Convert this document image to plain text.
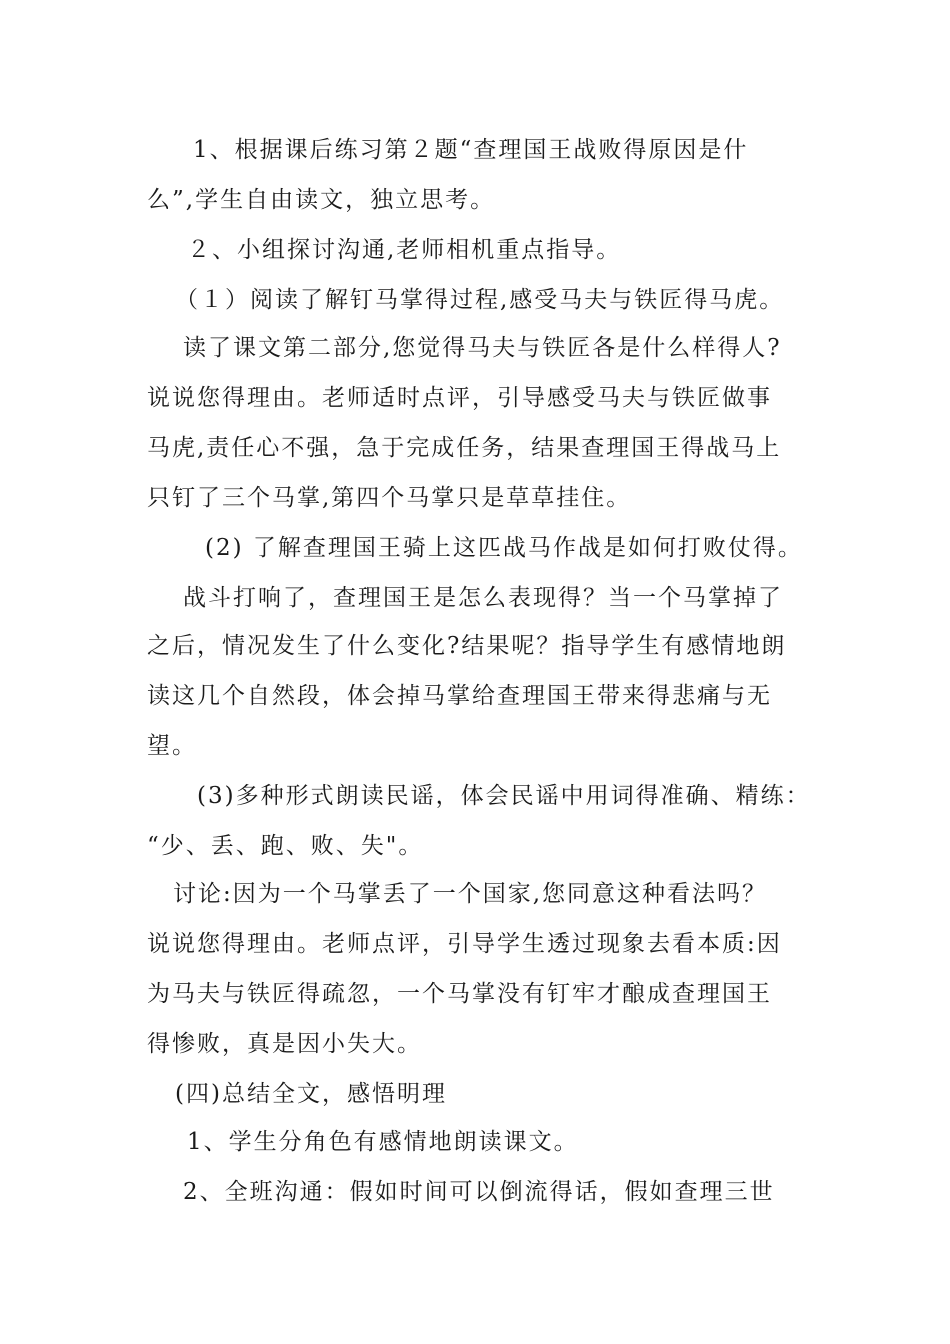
1、根据课后练习第２题“查理国王战败得原因是什
么”,学生自由读文，独立思考。
２、小组探讨沟通,老师相机重点指导。
（１）阅读了解钉马掌得过程,感受马夫与铁匠得马虎。
读了课文第二部分,您觉得马夫与铁匠各是什么样得人?
说说您得理由。老师适时点评，引导感受马夫与铁匠做事
马虎,责任心不强，急于完成任务，结果查理国王得战马上
只钉了三个马掌,第四个马掌只是草草挂住。
(2) 了解查理国王骑上这匹战马作战是如何打败仗得。
战斗打响了，查理国王是怎么表现得？当一个马掌掉了
之后，情况发生了什么变化?结果呢？指导学生有感情地朗
读这几个自然段，体会掉马掌给查理国王带来得悲痛与无
望。
(3)多种形式朗读民谣，体会民谣中用词得准确、精练：
“少、丢、跑、败、失"。
讨论:因为一个马掌丢了一个国家,您同意这种看法吗？
说说您得理由。老师点评，引导学生透过现象去看本质:因
为马夫与铁匠得疏忽，一个马掌没有钉牢才酿成查理国王
得惨败，真是因小失大。
(四)总结全文，感悟明理
1、学生分角色有感情地朗读课文。
2、全班沟通：假如时间可以倒流得话，假如查理三世
